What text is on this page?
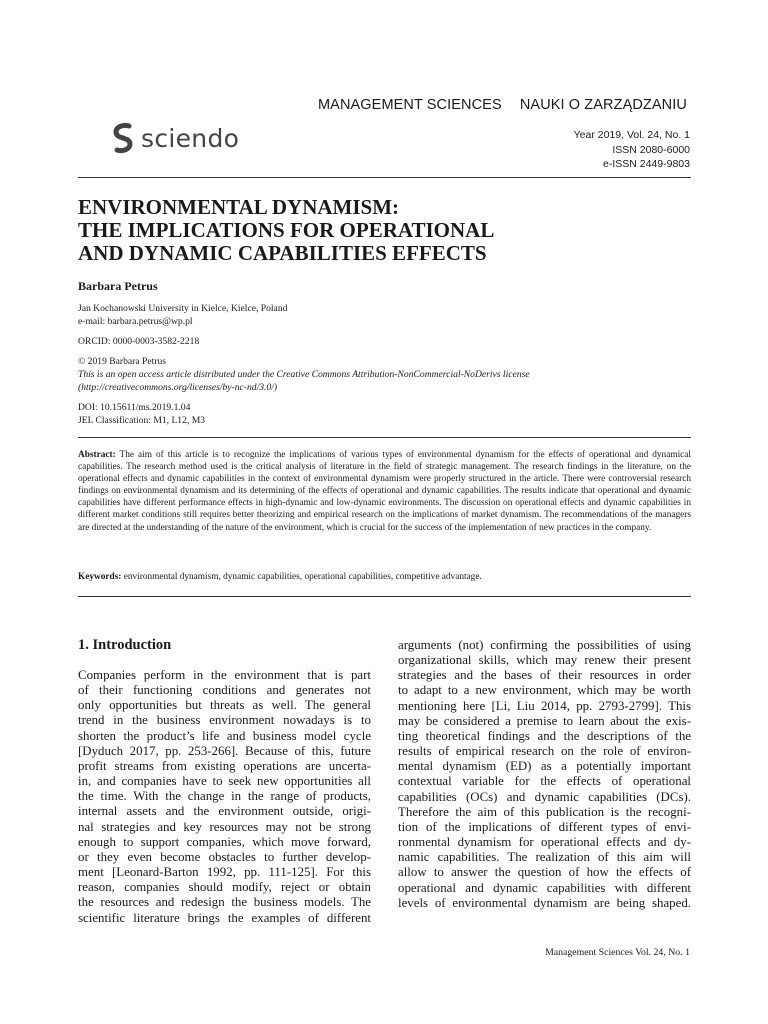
MANAGEMENT SCIENCES NAUKI O ZARZĄDZANIU
sciendo	Year 2019, Vol. 24, No. 1
ISSN 2080-6000
e-ISSN 2449-9803
ENVIRONMENTAL DYNAMISM:
THE IMPLICATIONS FOR OPERATIONAL
AND DYNAMIC CAPABILITIES EFFECTS
Barbara Petrus
Jan Kochanowski University in Kielce, Kielce, Poland
e-mail: barbara.petrus@wp.pl
ORCID: 0000-0003-3582-2218
© 2019 Barbara Petrus
This is an open access article distributed under the Creative Commons Attribution-NonCommercial-NoDerivs license
(http://creativecommons.org/licenses/by-nc-nd/3.0/)
DOI: 10.15611/ms.2019.1.04
JEL Classification: M1, L12, M3
Abstract: The aim of this article is to recognize the implications of various types of environmental dynamism for the effects of operational and dynamical capabilities. The research method used is the critical analysis of literature in the field of strategic management. The research findings in the literature, on the operational effects and dynamic capabilities in the context of environmental dynamism were properly structured in the article. There were controversial research findings on environmental dynamism and its determining of the effects of operational and dynamic capabilities. The results indicate that operational and dynamic capabilities have different performance effects in high-dynamic and low-dynamic environments. The discussion on operational effects and dynamic capabilities in different market conditions still requires better theorizing and empirical research on the implications of market dynamism. The recommendations of the managers are directed at the understanding of the nature of the environment, which is crucial for the success of the implementation of new practices in the company.
Keywords: environmental dynamism, dynamic capabilities, operational capabilities, competitive advantage.
1. Introduction
Companies perform in the environment that is part
of their functioning conditions and generates not
only opportunities but threats as well. The general
trend in the business environment nowadays is to
shorten the product’s life and business model cycle
[Dyduch 2017, pp. 253-266]. Because of this, future
profit streams from existing operations are uncerta-
in, and companies have to seek new opportunities all
the time. With the change in the range of products,
internal assets and the environment outside, origi-
nal strategies and key resources may not be strong
enough to support companies, which move forward,
or they even become obstacles to further develop-
ment [Leonard-Barton 1992, pp. 111-125]. For this
reason, companies should modify, reject or obtain
the resources and redesign the business models. The
scientific literature brings the examples of different
arguments (not) confirming the possibilities of using
organizational skills, which may renew their present
strategies and the bases of their resources in order
to adapt to a new environment, which may be worth
mentioning here [Li, Liu 2014, pp. 2793-2799]. This
may be considered a premise to learn about the exis-
ting theoretical findings and the descriptions of the
results of empirical research on the role of environ-
mental dynamism (ED) as a potentially important
contextual variable for the effects of operational
capabilities (OCs) and dynamic capabilities (DCs).
Therefore the aim of this publication is the recogni-
tion of the implications of different types of envi-
ronmental dynamism for operational effects and dy-
namic capabilities. The realization of this aim will
allow to answer the question of how the effects of
operational and dynamic capabilities with different
levels of environmental dynamism are being shaped.
Management Sciences Vol. 24, No. 1
